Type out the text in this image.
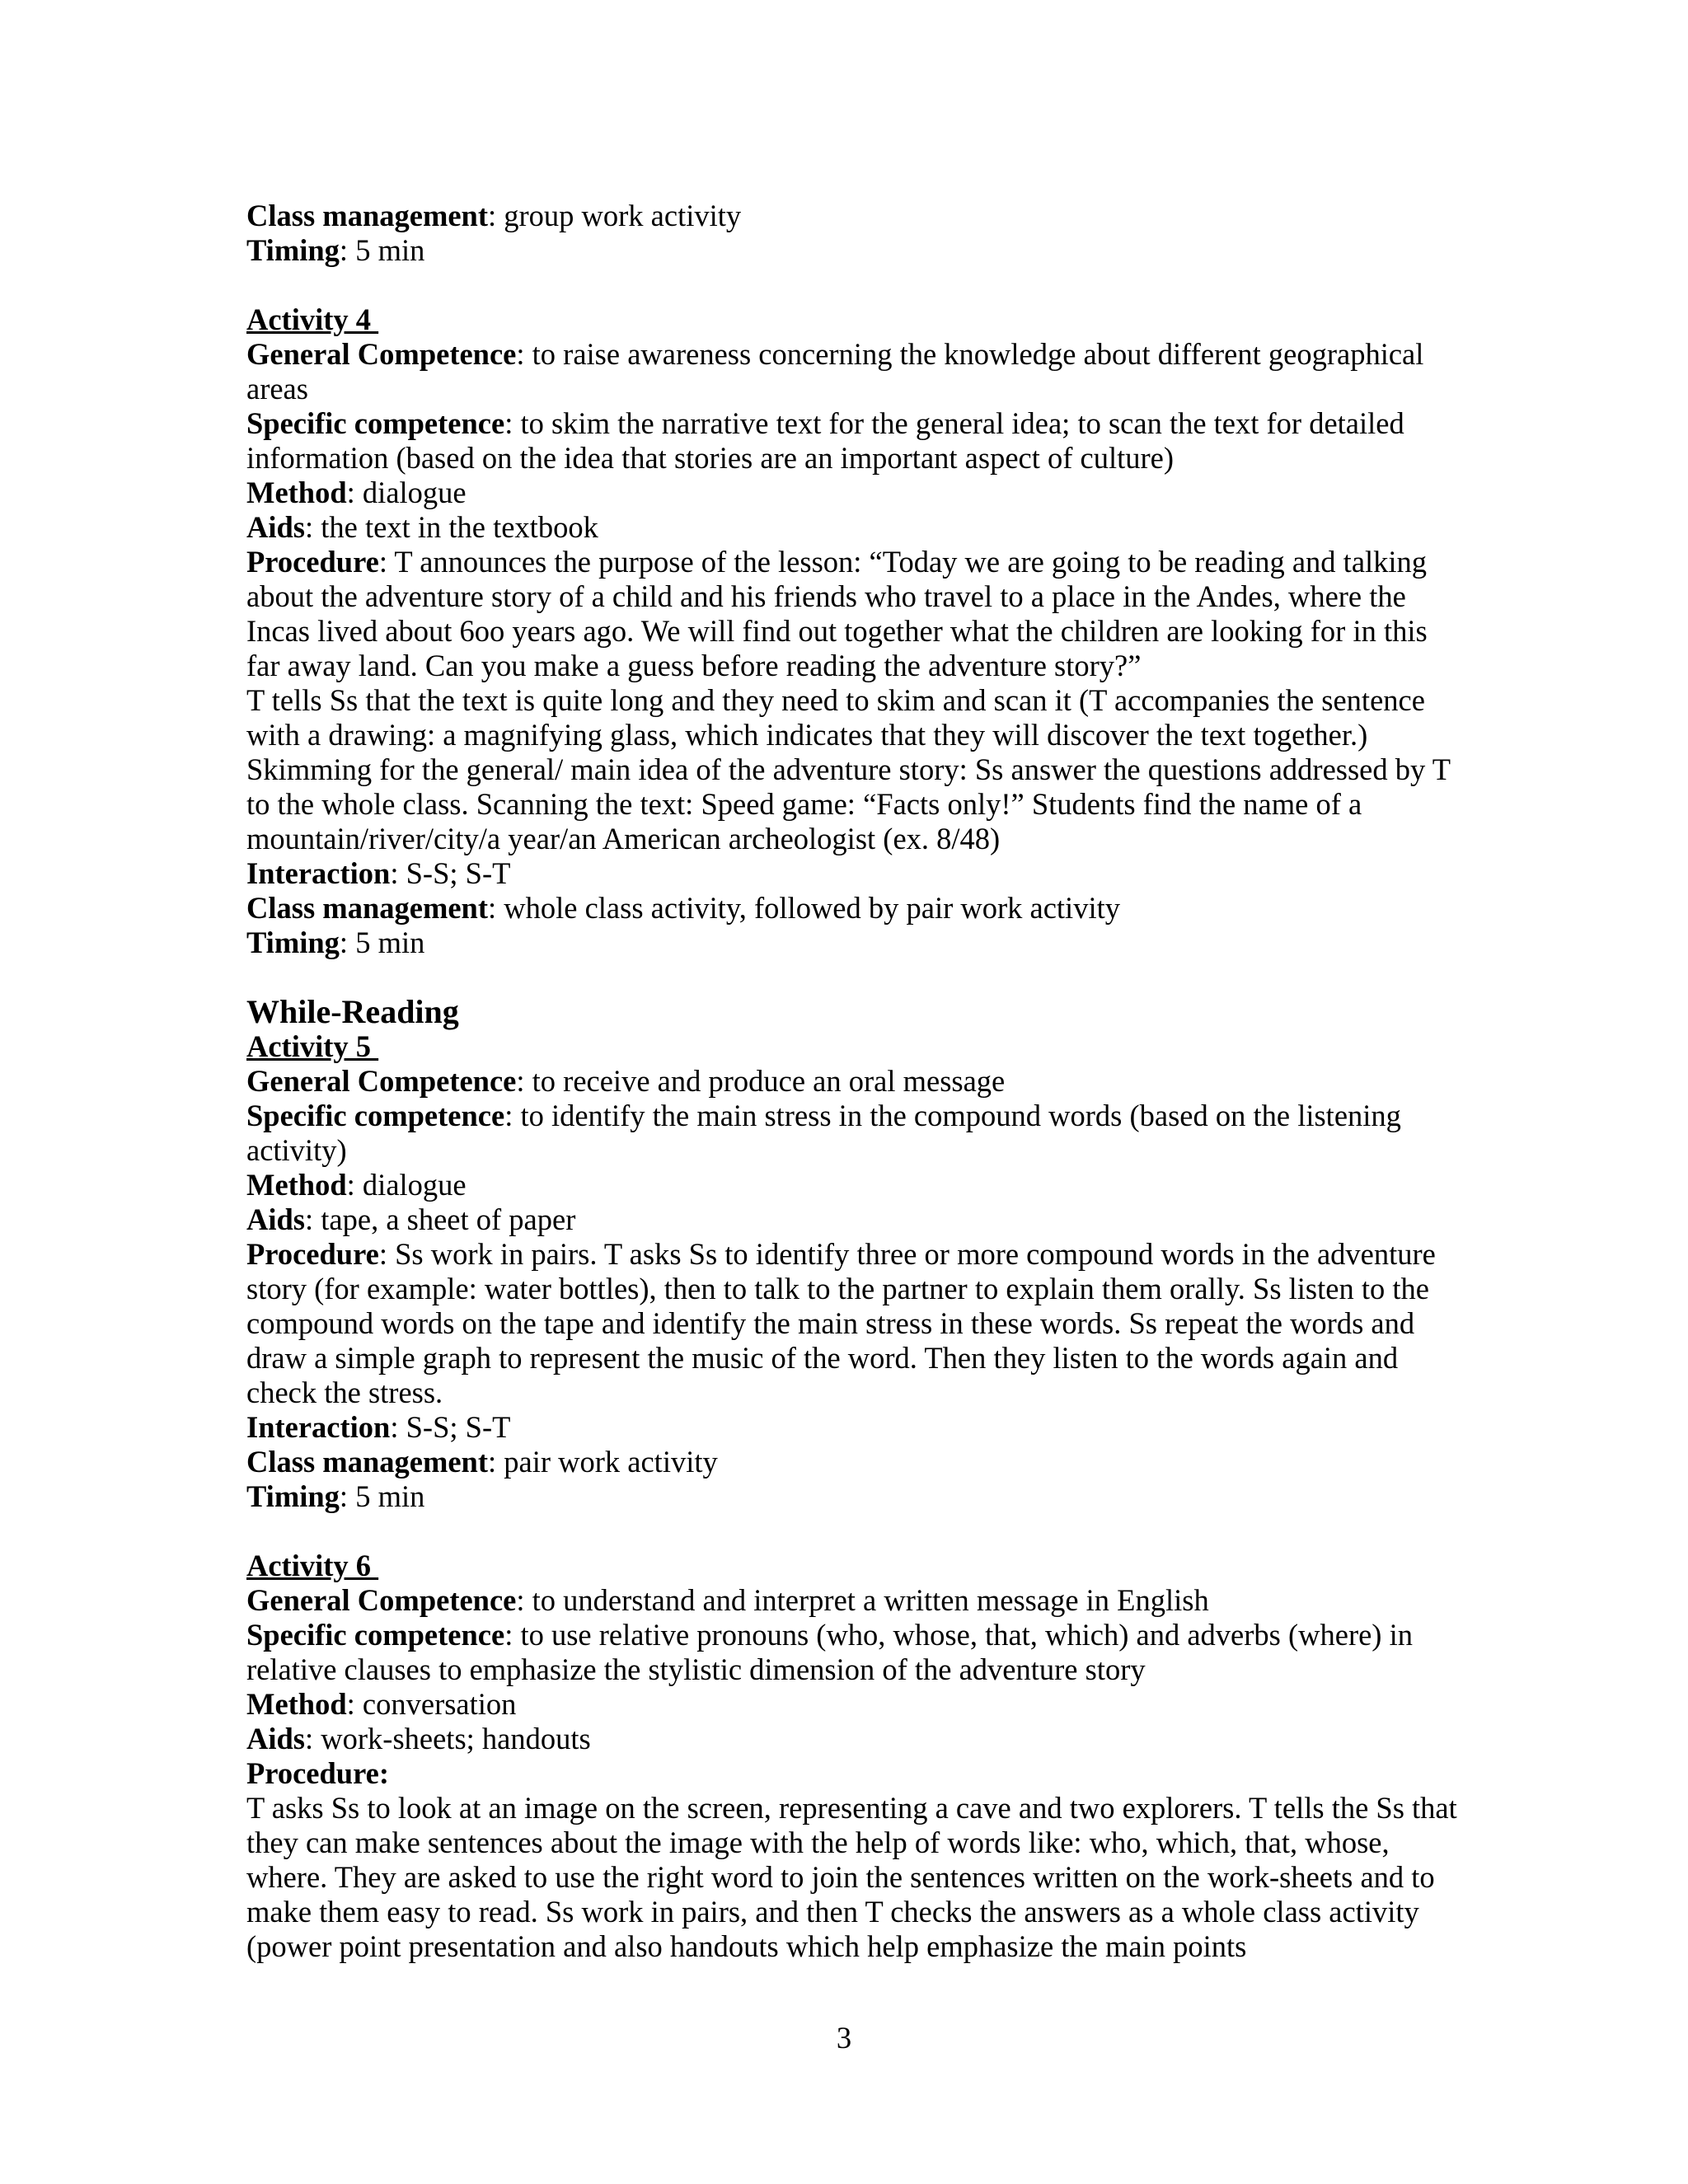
Class management: group work activity
Timing: 5 min
Activity 4
General Competence: to raise awareness concerning the knowledge about different geographical areas
Specific competence: to skim the narrative text for the general idea; to scan the text for detailed information (based on the idea that stories are an important aspect of culture)
Method: dialogue
Aids: the text in the textbook
Procedure: T announces the purpose of the lesson: “Today we are going to be reading and talking about the adventure story of a child and his friends who travel to a place in the Andes, where the Incas lived about 6oo years ago. We will find out together what the children are looking for in this far away land. Can you make a guess before reading the adventure story?”
T tells Ss that the text is quite long and they need to skim and scan it (T accompanies the sentence with a drawing: a magnifying glass, which indicates that they will discover the text together.)
Skimming for the general/ main idea of the adventure story: Ss answer the questions addressed by T to the whole class. Scanning the text: Speed game: “Facts only!” Students find the name of a mountain/river/city/a year/an American archeologist (ex. 8/48)
Interaction: S-S; S-T
Class management: whole class activity, followed by pair work activity
Timing: 5 min
While-Reading
Activity 5
General Competence: to receive and produce an oral message
Specific competence: to identify the main stress in the compound words (based on the listening activity)
Method: dialogue
Aids: tape, a sheet of paper
Procedure: Ss work in pairs. T asks Ss to identify three or more compound words in the adventure story (for example: water bottles), then to talk to the partner to explain them orally. Ss listen to the compound words on the tape and identify the main stress in these words. Ss repeat the words and draw a simple graph to represent the music of the word. Then they listen to the words again and check the stress.
Interaction: S-S; S-T
Class management: pair work activity
Timing: 5 min
Activity 6
General Competence: to understand and interpret a written message in English
Specific competence: to use relative pronouns (who, whose, that, which) and adverbs (where) in relative clauses to emphasize the stylistic dimension of the adventure story
Method: conversation
Aids: work-sheets; handouts
Procedure:
T asks Ss to look at an image on the screen, representing a cave and two explorers. T tells the Ss that they can make sentences about the image with the help of words like: who, which, that, whose, where. They are asked to use the right word to join the sentences written on the work-sheets and to make them easy to read. Ss work in pairs, and then T checks the answers as a whole class activity (power point presentation and also handouts which help emphasize the main points
3
